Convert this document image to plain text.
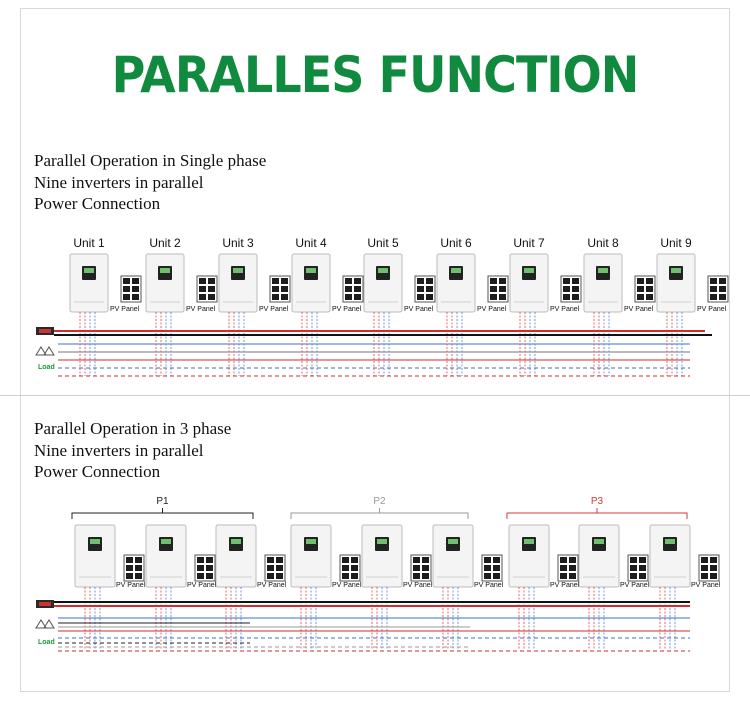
PARALLES FUNCTION
Parallel Operation in Single phase
Nine inverters in parallel
Power Connection
Parallel Operation in 3 phase
Nine inverters in parallel
Power Connection
Unit 1
PV Panel
Unit 2
PV Panel
Unit 3
PV Panel
Unit 4
PV Panel
Unit 5
PV Panel
Unit 6
PV Panel
Unit 7
PV Panel
Unit 8
PV Panel
Unit 9
PV Panel
Load
P1	P2	P3
PV Panel	PV Panel	PV Panel	PV Panel	PV Panel	PV Panel	PV Panel	PV Panel	PV Panel
Load
